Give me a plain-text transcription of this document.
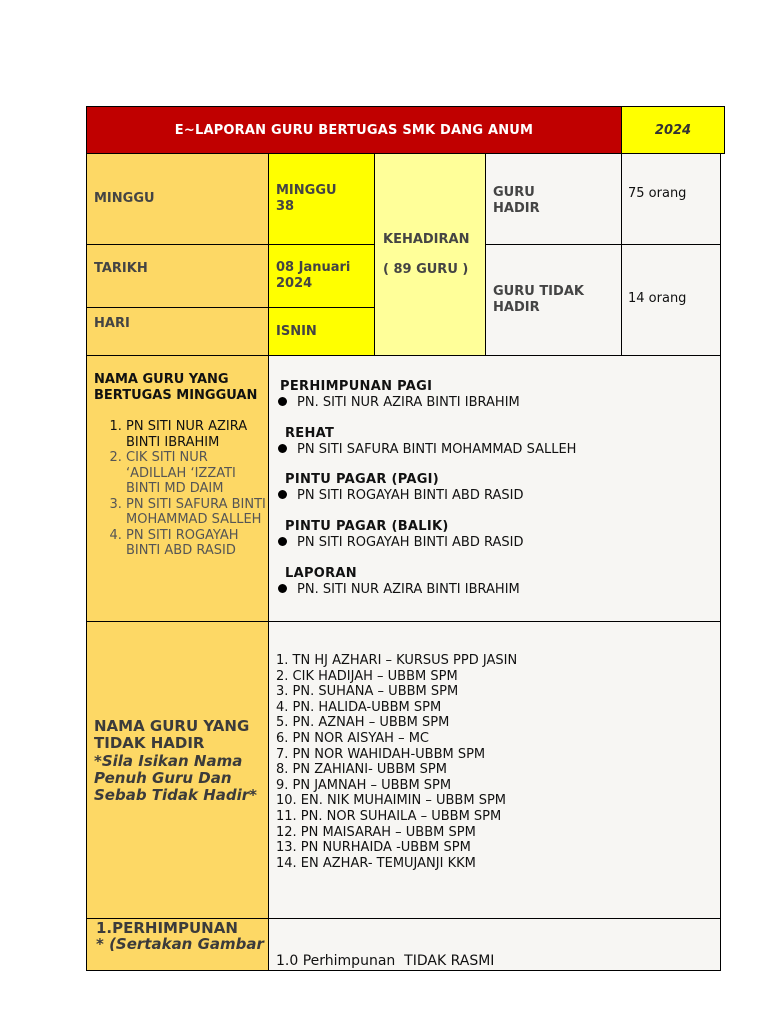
E~LAPORAN GURU BERTUGAS SMK DANG ANUM	2024
MINGGU
MINGGU 38
TARIKH	08 Januari 2024
HARI
ISNIN
KEHADIRAN
( 89 GURU )
GURU HADIR
75 orang
GURU TIDAK HADIR
14 orang
NAMA GURU YANG BERTUGAS MINGGUAN
1. PN SITI NUR AZIRA BINTI IBRAHIM
2. CIK SITI NUR ‘ADILLAH ‘IZZATI BINTI MD DAIM
3. PN SITI SAFURA BINTI MOHAMMAD SALLEH
4. PN SITI ROGAYAH BINTI ABD RASID
PERHIMPUNAN PAGI
PN. SITI NUR AZIRA BINTI IBRAHIM
REHAT
PN SITI SAFURA BINTI MOHAMMAD SALLEH
PINTU PAGAR (PAGI)
PN SITI ROGAYAH BINTI ABD RASID
PINTU PAGAR (BALIK)
PN SITI ROGAYAH BINTI ABD RASID
LAPORAN
PN. SITI NUR AZIRA BINTI IBRAHIM
NAMA GURU YANG TIDAK HADIR
*Sila Isikan Nama Penuh Guru Dan Sebab Tidak Hadir*
1. TN HJ AZHARI – KURSUS PPD JASIN
2. CIK HADIJAH – UBBM SPM
3. PN. SUHANA – UBBM SPM
4. PN. HALIDA-UBBM SPM
5. PN. AZNAH – UBBM SPM
6. PN NOR AISYAH – MC
7. PN NOR WAHIDAH-UBBM SPM
8. PN ZAHIANI- UBBM SPM
9. PN JAMNAH – UBBM SPM
10. EN. NIK MUHAIMIN – UBBM SPM
11. PN. NOR SUHAILA – UBBM SPM
12. PN MAISARAH – UBBM SPM
13. PN NURHAIDA -UBBM SPM
14. EN AZHAR- TEMUJANJI KKM
1.PERHIMPUNAN
* (Sertakan Gambar
1.0 Perhimpunan  TIDAK RASMI
